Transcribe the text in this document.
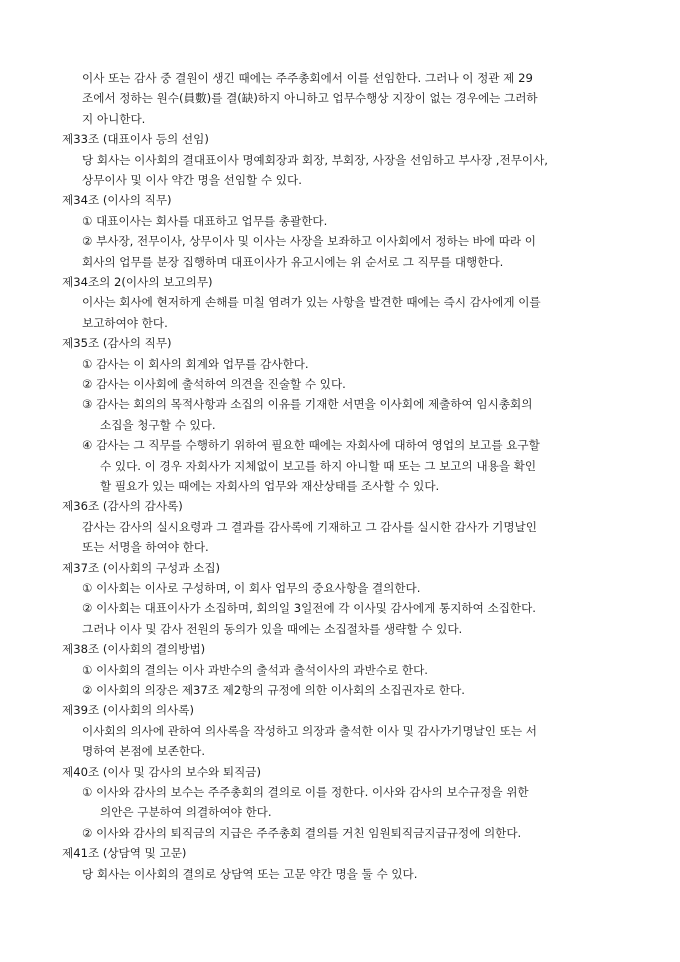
이사 또는 감사 중 결원이 생긴 때에는 주주총회에서 이를 선임한다. 그러나 이 정관 제 29
조에서 정하는 원수(員數)를 결(缺)하지 아니하고 업무수행상 지장이 없는 경우에는 그러하
지 아니한다.
제33조 (대표이사 등의 선임)
당 회사는 이사회의 결대표이사 명예회장과 회장, 부회장, 사장을 선임하고 부사장 ,전무이사,
상무이사 및 이사 약간 명을 선임할 수 있다.
제34조 (이사의 직무)
① 대표이사는 회사를 대표하고 업무를 총괄한다.
② 부사장, 전무이사, 상무이사 및 이사는 사장을 보좌하고 이사회에서 정하는 바에 따라 이
회사의 업무를 분장 집행하며 대표이사가 유고시에는 위 순서로 그 직무를 대행한다.
제34조의 2(이사의 보고의무)
이사는 회사에 현저하게 손해를 미칠 염려가 있는 사항을 발견한 때에는 즉시 감사에게 이를
보고하여야 한다.
제35조 (감사의 직무)
① 감사는 이 회사의 회계와 업무를 감사한다.
② 감사는 이사회에 출석하여 의견을 진술할 수 있다.
③ 감사는 회의의 목적사항과 소집의 이유를 기재한 서면을 이사회에 제출하여 임시총회의
소집을 청구할 수 있다.
④ 감사는 그 직무를 수행하기 위하여 필요한 때에는 자회사에 대하여 영업의 보고를 요구할
수 있다. 이 경우 자회사가 지체없이 보고를 하지 아니할 때 또는 그 보고의 내용을 확인
할 필요가 있는 때에는 자회사의 업무와 재산상태를 조사할 수 있다.
제36조 (감사의 감사록)
감사는 감사의 실시요령과 그 결과를 감사록에 기재하고 그 감사를 실시한 감사가 기명날인
또는 서명을 하여야 한다.
제37조 (이사회의 구성과 소집)
① 이사회는 이사로 구성하며, 이 회사 업무의 중요사항을 결의한다.
② 이사회는 대표이사가 소집하며, 회의일 3일전에 각 이사및 감사에게 통지하여 소집한다.
그러나 이사 및 감사 전원의 동의가 있을 때에는 소집절차를 생략할 수 있다.
제38조 (이사회의 결의방법)
① 이사회의 결의는 이사 과반수의 출석과 출석이사의 과반수로 한다.
② 이사회의 의장은 제37조 제2항의 규정에 의한 이사회의 소집권자로 한다.
제39조 (이사회의 의사록)
이사회의 의사에 관하여 의사록을 작성하고 의장과 출석한 이사 및 감사가기명날인 또는 서
명하여 본점에 보존한다.
제40조 (이사 및 감사의 보수와 퇴직금)
① 이사와 감사의 보수는 주주총회의 결의로 이를 정한다. 이사와 감사의 보수규정을 위한
의안은 구분하여 의결하여야 한다.
② 이사와 감사의 퇴직금의 지급은 주주총회 결의를 거친 임원퇴직금지급규정에 의한다.
제41조 (상담역 및 고문)
당 회사는 이사회의 결의로 상담역 또는 고문 약간 명을 둘 수 있다.
